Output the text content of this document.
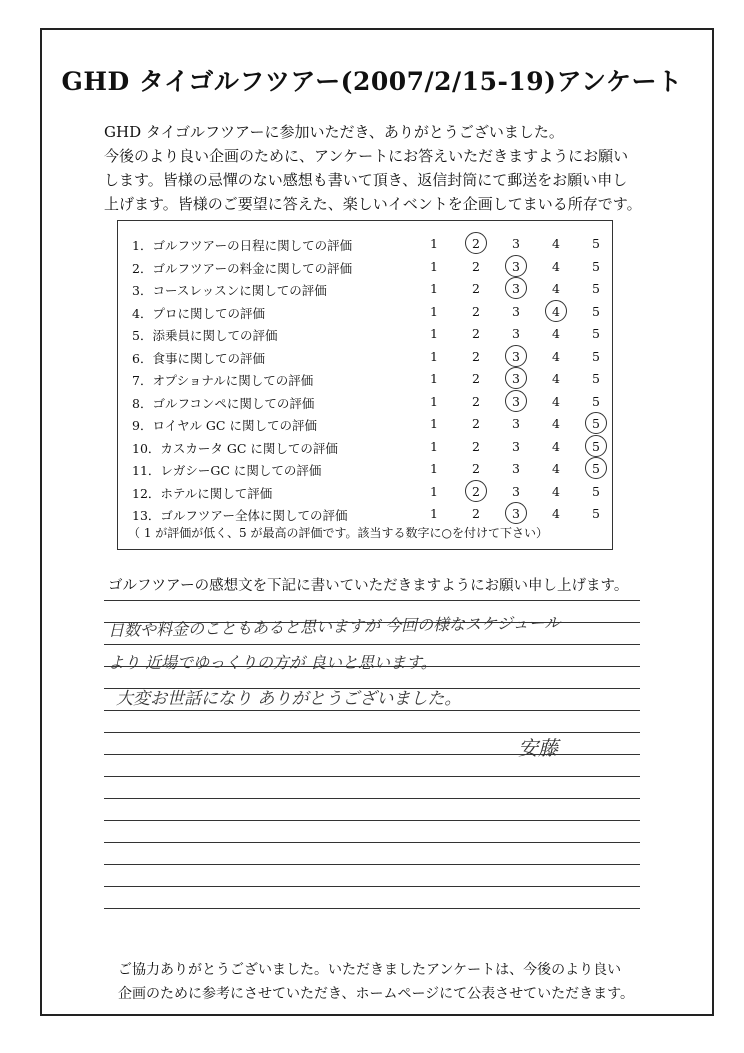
GHD タイゴルフツアー(2007/2/15-19)アンケート
GHD タイゴルフツアーに参加いただき、ありがとうございました。
今後のより良い企画のために、アンケートにお答えいただきますようにお願い
します。皆様の忌憚のない感想も書いて頂き、返信封筒にて郵送をお願い申し
上げます。皆様のご要望に答えた、楽しいイベントを企画してまいる所存です。
（ 1 が評価が低く、5 が最高の評価です。該当する数字に○を付けて下さい）
1．ゴルフツアーの日程に関しての評価	1	2	3	4	5
2．ゴルフツアーの料金に関しての評価	1	2	3	4	5
3．コースレッスンに関しての評価	1	2	3	4	5
4．プロに関しての評価	1	2	3	4	5
5．添乗員に関しての評価	1	2	3	4	5
6．食事に関しての評価	1	2	3	4	5
7．オプショナルに関しての評価	1	2	3	4	5
8．ゴルフコンペに関しての評価	1	2	3	4	5
9．ロイヤル GC に関しての評価	1	2	3	4	5
10．カスカータ GC に関しての評価	1	2	3	4	5
11．レガシーGC に関しての評価	1	2	3	4	5
12．ホテルに関して評価	1	2	3	4	5
13．ゴルフツアー全体に関しての評価	1	2	3	4	5
ゴルフツアーの感想文を下記に書いていただきますようにお願い申し上げます。
日数や料金のこともあると思いますが 今回の様なスケジュール
より 近場でゆっくりの方が 良いと思います。
大変お世話になり ありがとうございました。
安藤
ご協力ありがとうございました。いただきましたアンケートは、今後のより良い
企画のために参考にさせていただき、ホームページにて公表させていただきます。
